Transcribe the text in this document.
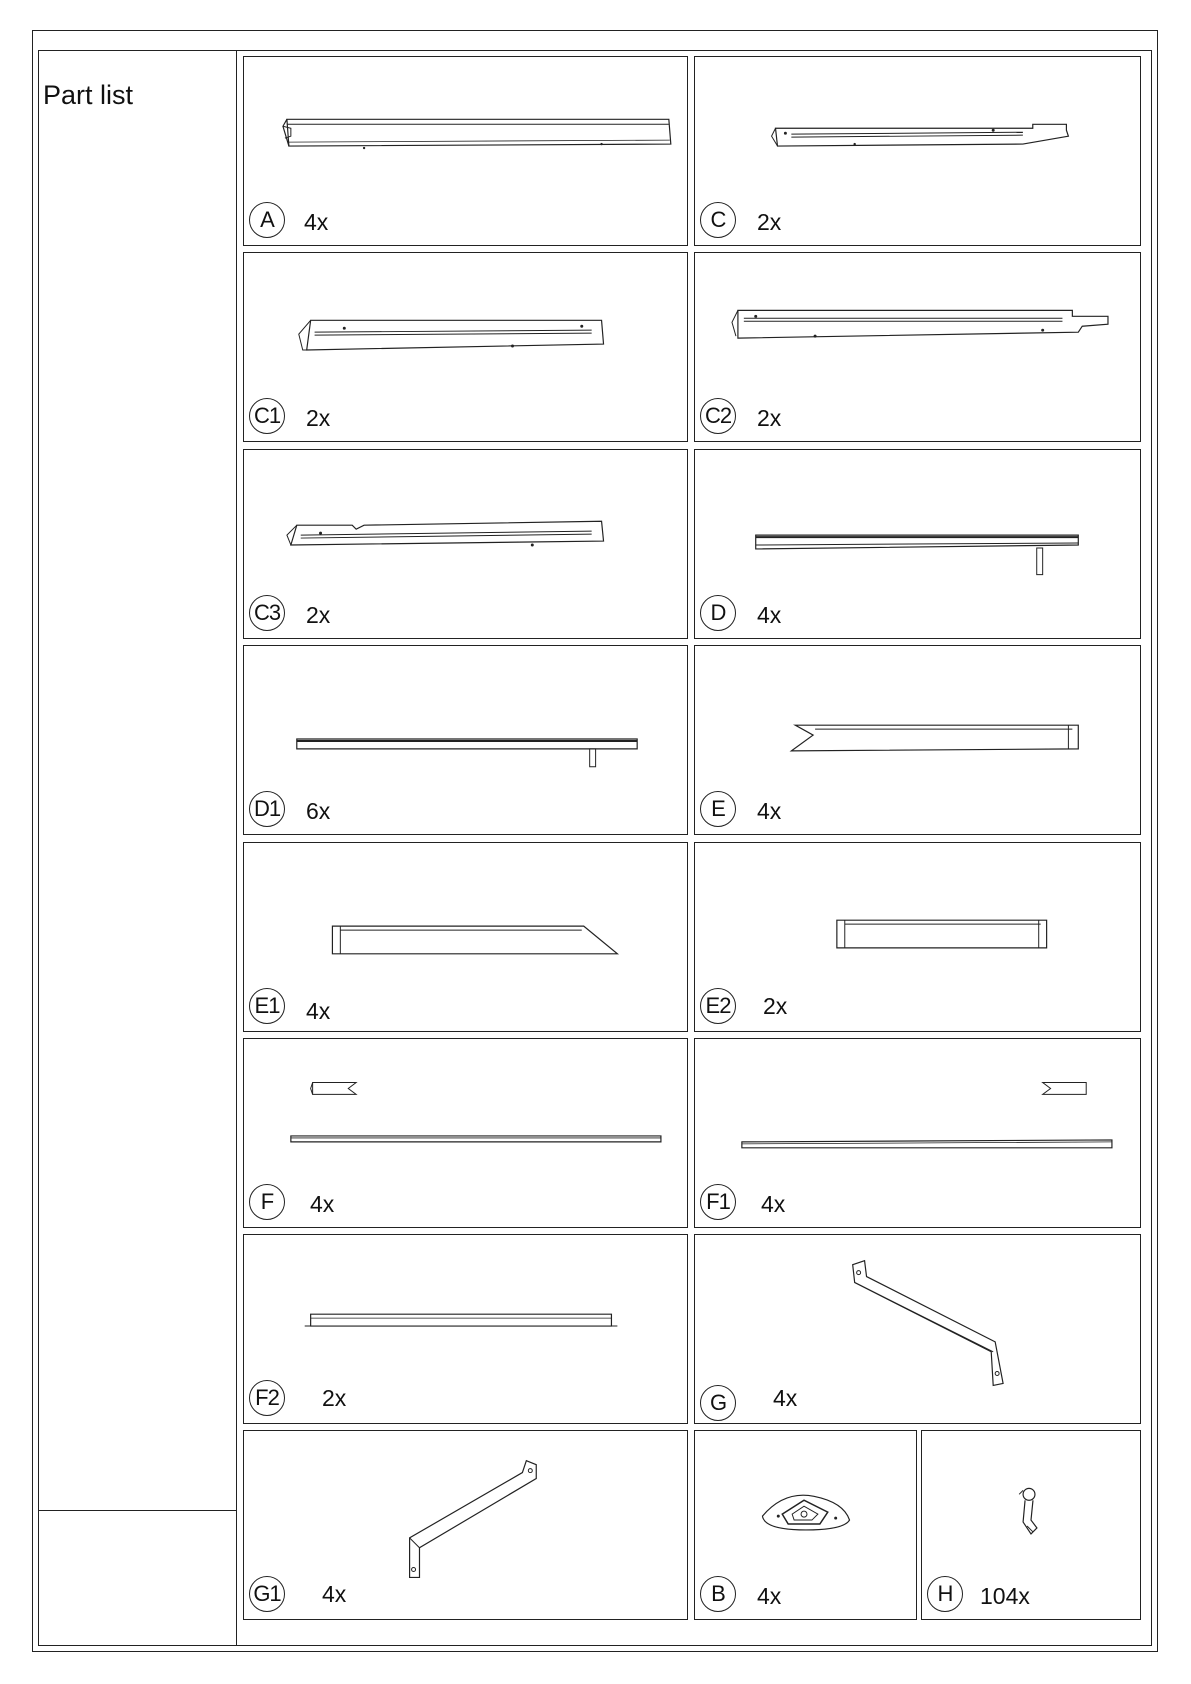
Part list
A	4x	C	2x
C1 2x	C2 2x
C3 2x	D	4x
D1 6x	E	4x
E1 4x	E2 2x
F	4x	F1 4x
F2 2x	G	4x
G1 4x	B	4x	H	104x
